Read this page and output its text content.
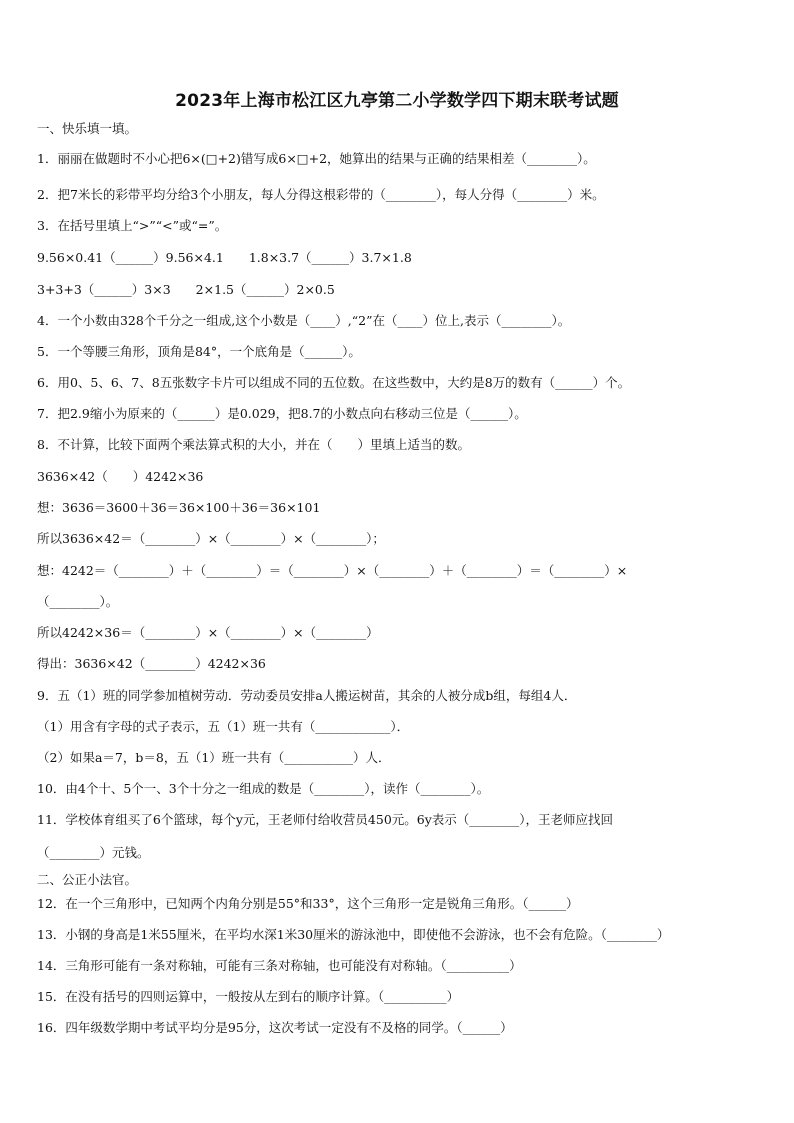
2023年上海市松江区九亭第二小学数学四下期末联考试题
一、快乐填一填。
1．丽丽在做题时不小心把6×(□+2)错写成6×□+2，她算出的结果与正确的结果相差（________）。
2．把7米长的彩带平均分给3个小朋友，每人分得这根彩带的（________），每人分得（________）米。
3．在括号里填上“>”“<”或“=”。
9.56×0.41（______）9.56×4.1　　1.8×3.7（______）3.7×1.8
3+3+3（______）3×3　　2×1.5（______）2×0.5
4．一个小数由328个千分之一组成,这个小数是（____）,“2”在（____）位上,表示（________）。
5．一个等腰三角形，顶角是84°，一个底角是（______）。
6．用0、5、6、7、8五张数字卡片可以组成不同的五位数。在这些数中，大约是8万的数有（______）个。
7．把2.9缩小为原来的（______）是0.029，把8.7的小数点向右移动三位是（______）。
8．不计算，比较下面两个乘法算式积的大小，并在（　　）里填上适当的数。
3636×42（　　）4242×36
想：3636＝3600＋36＝36×100＋36＝36×101
所以3636×42＝（________）×（________）×（________）；
想：4242＝（________）＋（________）＝（________）×（________）＋（________）＝（________）×
（________）。
所以4242×36＝（________）×（________）×（________）
得出：3636×42（________）4242×36
9．五（1）班的同学参加植树劳动．劳动委员安排a人搬运树苗，其余的人被分成b组，每组4人．
（1）用含有字母的式子表示，五（1）班一共有（____________）．
（2）如果a＝7，b＝8，五（1）班一共有（___________）人．
10．由4个十、5个一、3个十分之一组成的数是（________），读作（________）。
11．学校体育组买了6个篮球，每个y元，王老师付给收营员450元。6y表示（________），王老师应找回
（________）元钱。
二、公正小法官。
12．在一个三角形中，已知两个内角分别是55°和33°，这个三角形一定是锐角三角形。（______）
13．小钢的身高是1米55厘米，在平均水深1米30厘米的游泳池中，即使他不会游泳，也不会有危险。（________）
14．三角形可能有一条对称轴，可能有三条对称轴，也可能没有对称轴。（__________）
15．在没有括号的四则运算中，一般按从左到右的顺序计算。（__________）
16．四年级数学期中考试平均分是95分，这次考试一定没有不及格的同学。（______）
